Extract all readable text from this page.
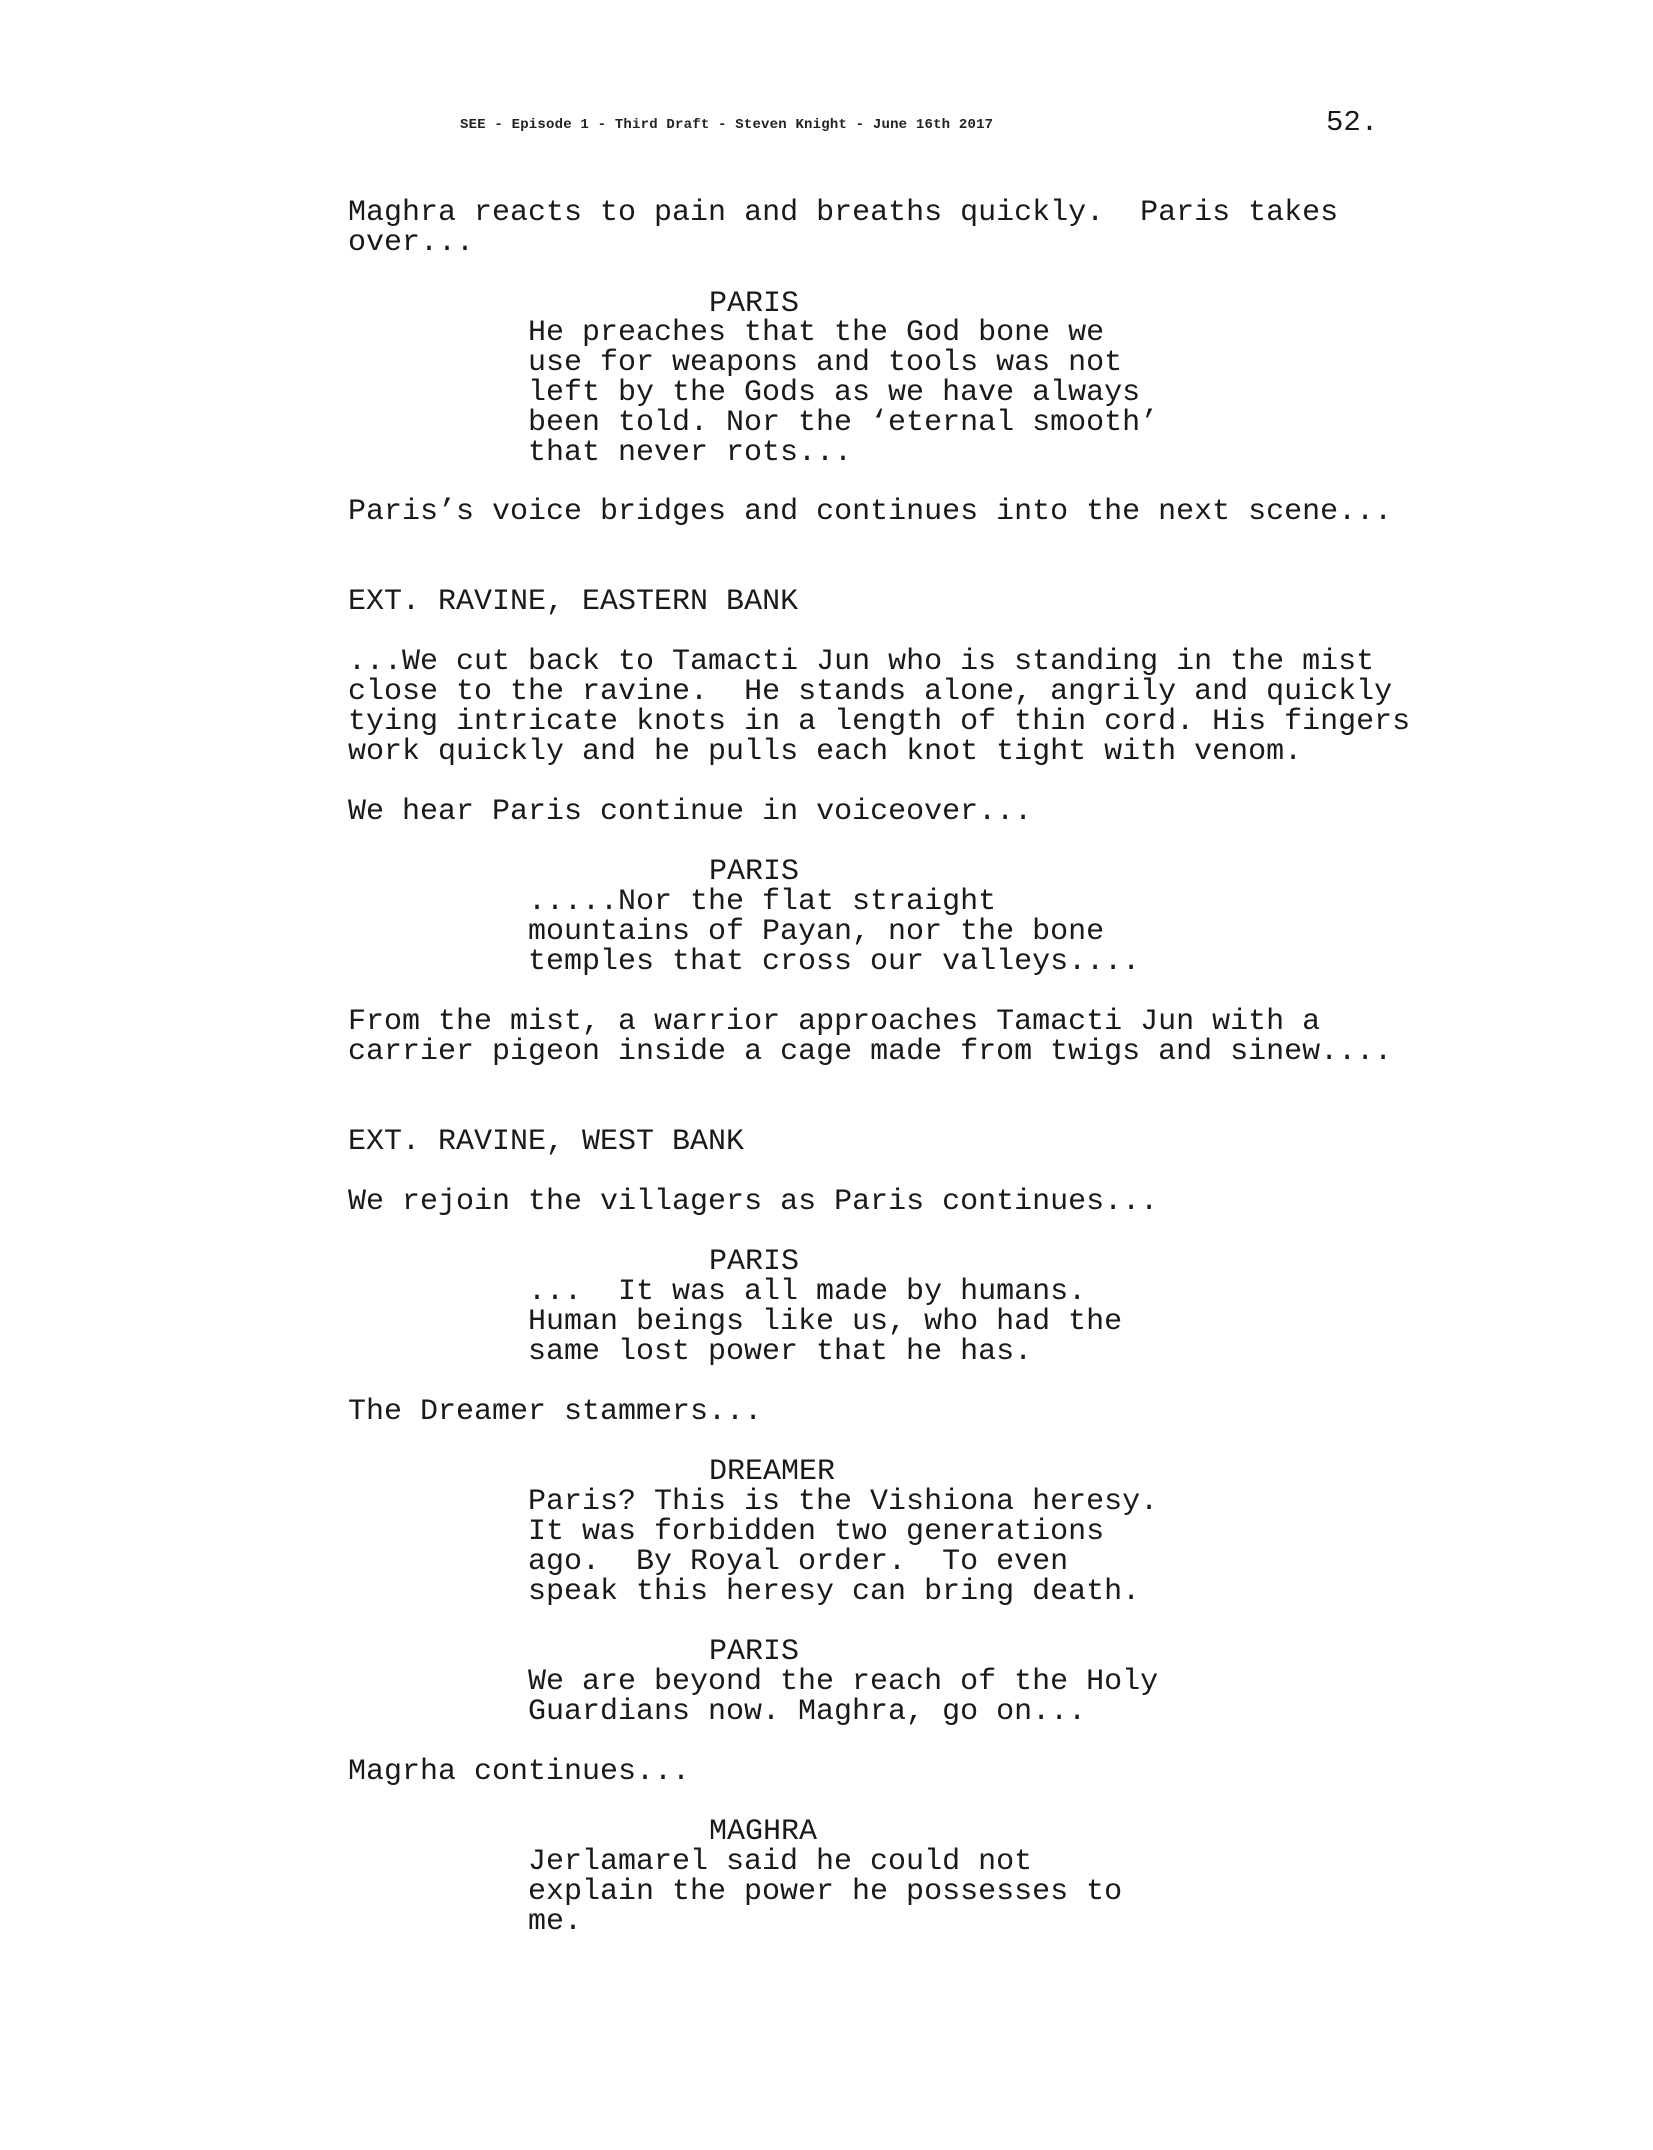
SEE - Episode 1 - Third Draft - Steven Knight - June 16th 2017	52.
Maghra reacts to pain and breaths quickly.  Paris takes
over...
PARIS
He preaches that the God bone we
use for weapons and tools was not
left by the Gods as we have always
been told. Nor the ‘eternal smooth’
that never rots...
Paris’s voice bridges and continues into the next scene...
EXT. RAVINE, EASTERN BANK
...We cut back to Tamacti Jun who is standing in the mist
close to the ravine.  He stands alone, angrily and quickly
tying intricate knots in a length of thin cord. His fingers
work quickly and he pulls each knot tight with venom.
We hear Paris continue in voiceover...
PARIS
.....Nor the flat straight
mountains of Payan, nor the bone
temples that cross our valleys....
From the mist, a warrior approaches Tamacti Jun with a
carrier pigeon inside a cage made from twigs and sinew....
EXT. RAVINE, WEST BANK
We rejoin the villagers as Paris continues...
PARIS
...  It was all made by humans.
Human beings like us, who had the
same lost power that he has.
The Dreamer stammers...
DREAMER
Paris? This is the Vishiona heresy.
It was forbidden two generations
ago.  By Royal order.  To even
speak this heresy can bring death.
PARIS
We are beyond the reach of the Holy
Guardians now. Maghra, go on...
Magrha continues...
MAGHRA
Jerlamarel said he could not
explain the power he possesses to
me.
